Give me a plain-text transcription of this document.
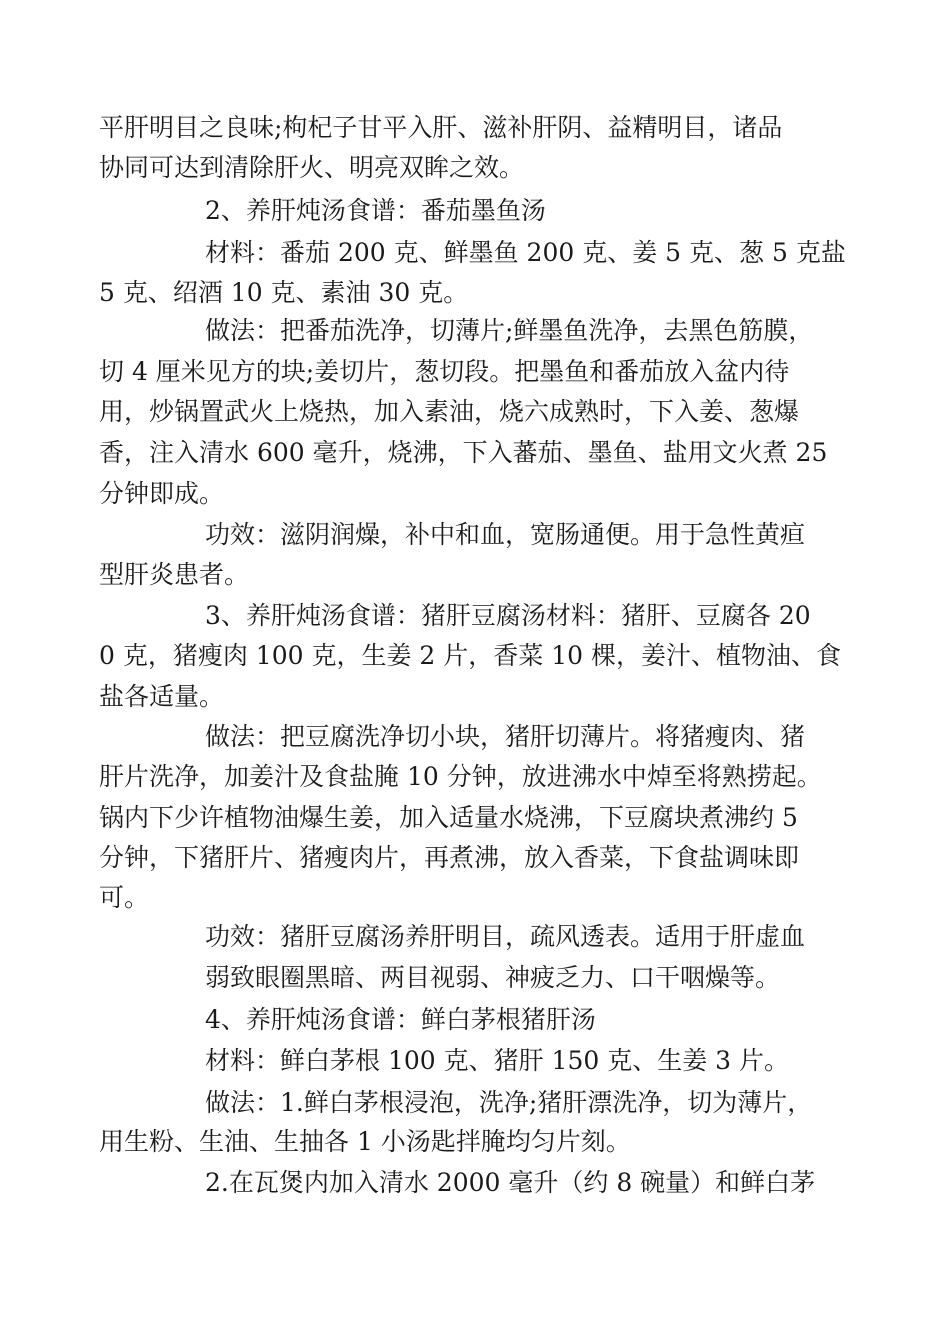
平肝明目之良味;枸杞子甘平入肝、滋补肝阴、益精明目，诸品
协同可达到清除肝火、明亮双眸之效。
2、养肝炖汤食谱：番茄墨鱼汤
材料：番茄 200 克、鲜墨鱼 200 克、姜 5 克、葱 5 克盐
5 克、绍酒 10 克、素油 30 克。
做法：把番茄洗净，切薄片;鲜墨鱼洗净，去黑色筋膜，
切 4 厘米见方的块;姜切片，葱切段。把墨鱼和番茄放入盆内待
用，炒锅置武火上烧热，加入素油，烧六成熟时，下入姜、葱爆
香，注入清水 600 毫升，烧沸，下入蕃茄、墨鱼、盐用文火煮 25
分钟即成。
功效：滋阴润燥，补中和血，宽肠通便。用于急性黄疸
型肝炎患者。
3、养肝炖汤食谱：猪肝豆腐汤材料：猪肝、豆腐各 20
0 克，猪瘦肉 100 克，生姜 2 片，香菜 10 棵，姜汁、植物油、食
盐各适量。
做法：把豆腐洗净切小块，猪肝切薄片。将猪瘦肉、猪
肝片洗净，加姜汁及食盐腌 10 分钟，放进沸水中焯至将熟捞起。
锅内下少许植物油爆生姜，加入适量水烧沸，下豆腐块煮沸约 5
分钟，下猪肝片、猪瘦肉片，再煮沸，放入香菜，下食盐调味即
可。
功效：猪肝豆腐汤养肝明目，疏风透表。适用于肝虚血
弱致眼圈黑暗、两目视弱、神疲乏力、口干咽燥等。
4、养肝炖汤食谱：鲜白茅根猪肝汤
材料：鲜白茅根 100 克、猪肝 150 克、生姜 3 片。
做法：1.鲜白茅根浸泡，洗净;猪肝漂洗净，切为薄片，
用生粉、生油、生抽各 1 小汤匙拌腌均匀片刻。
2.在瓦煲内加入清水 2000 毫升（约 8 碗量）和鲜白茅
